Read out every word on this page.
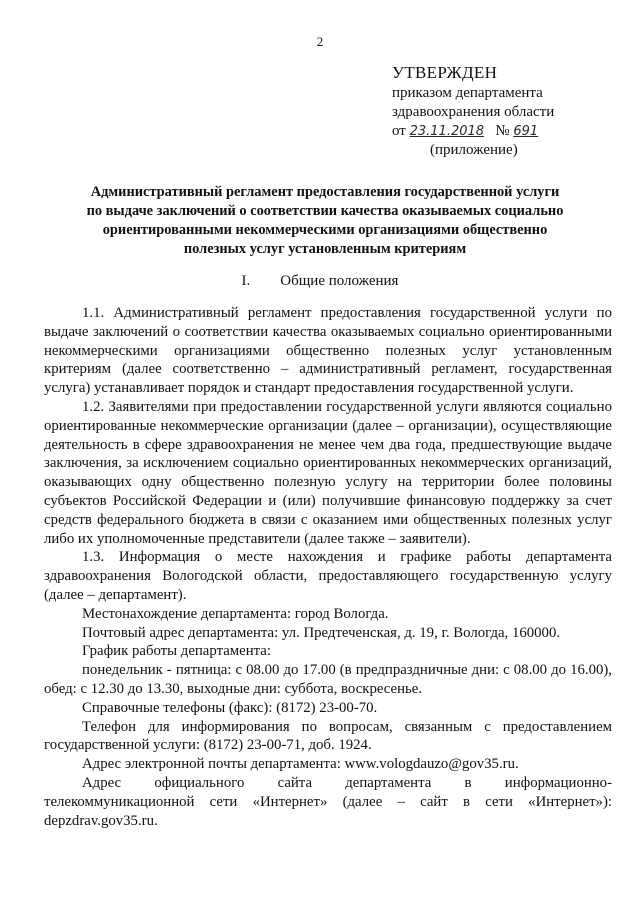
2
УТВЕРЖДЕН
приказом департамента
здравоохранения области
от 23.11.2018 № 691
(приложение)
Административный регламент предоставления государственной услуги
по выдаче заключений о соответствии качества оказываемых социально
ориентированными некоммерческими организациями общественно
полезных услуг установленным критериям
I. Общие положения

1.1. Административный регламент предоставления государственной услуги по выдаче заключений о соответствии качества оказываемых социально ориентированными некоммерческими организациями общественно полезных услуг установленным критериям (далее соответственно – административный регламент, государственная услуга) устанавливает порядок и стандарт предоставления государственной услуги.

1.2. Заявителями при предоставлении государственной услуги являются социально ориентированные некоммерческие организации (далее – организации), осуществляющие деятельность в сфере здравоохранения не менее чем два года, предшествующие выдаче заключения, за исключением социально ориентированных некоммерческих организаций, оказывающих одну общественно полезную услугу на территории более половины субъектов Российской Федерации и (или) получившие финансовую поддержку за счет средств федерального бюджета в связи с оказанием ими общественных полезных услуг либо их уполномоченные представители (далее также – заявители).

1.3. Информация о месте нахождения и графике работы департамента здравоохранения Вологодской области, предоставляющего государственную услугу (далее – департамент).

Местонахождение департамента: город Вологда.

Почтовый адрес департамента: ул. Предтеченская, д. 19, г. Вологда, 160000.

График работы департамента:

понедельник - пятница: с 08.00 до 17.00 (в предпраздничные дни: с 08.00 до 16.00), обед: с 12.30 до 13.30, выходные дни: суббота, воскресенье.

Справочные телефоны (факс): (8172) 23-00-70.

Телефон для информирования по вопросам, связанным с предоставлением государственной услуги: (8172) 23-00-71, доб. 1924.

Адрес электронной почты департамента: www.vologdauzo@gov35.ru.

Адрес официального сайта департамента в информационно-телекоммуникационной сети «Интернет» (далее – сайт в сети «Интернет»): depzdrav.gov35.ru.
